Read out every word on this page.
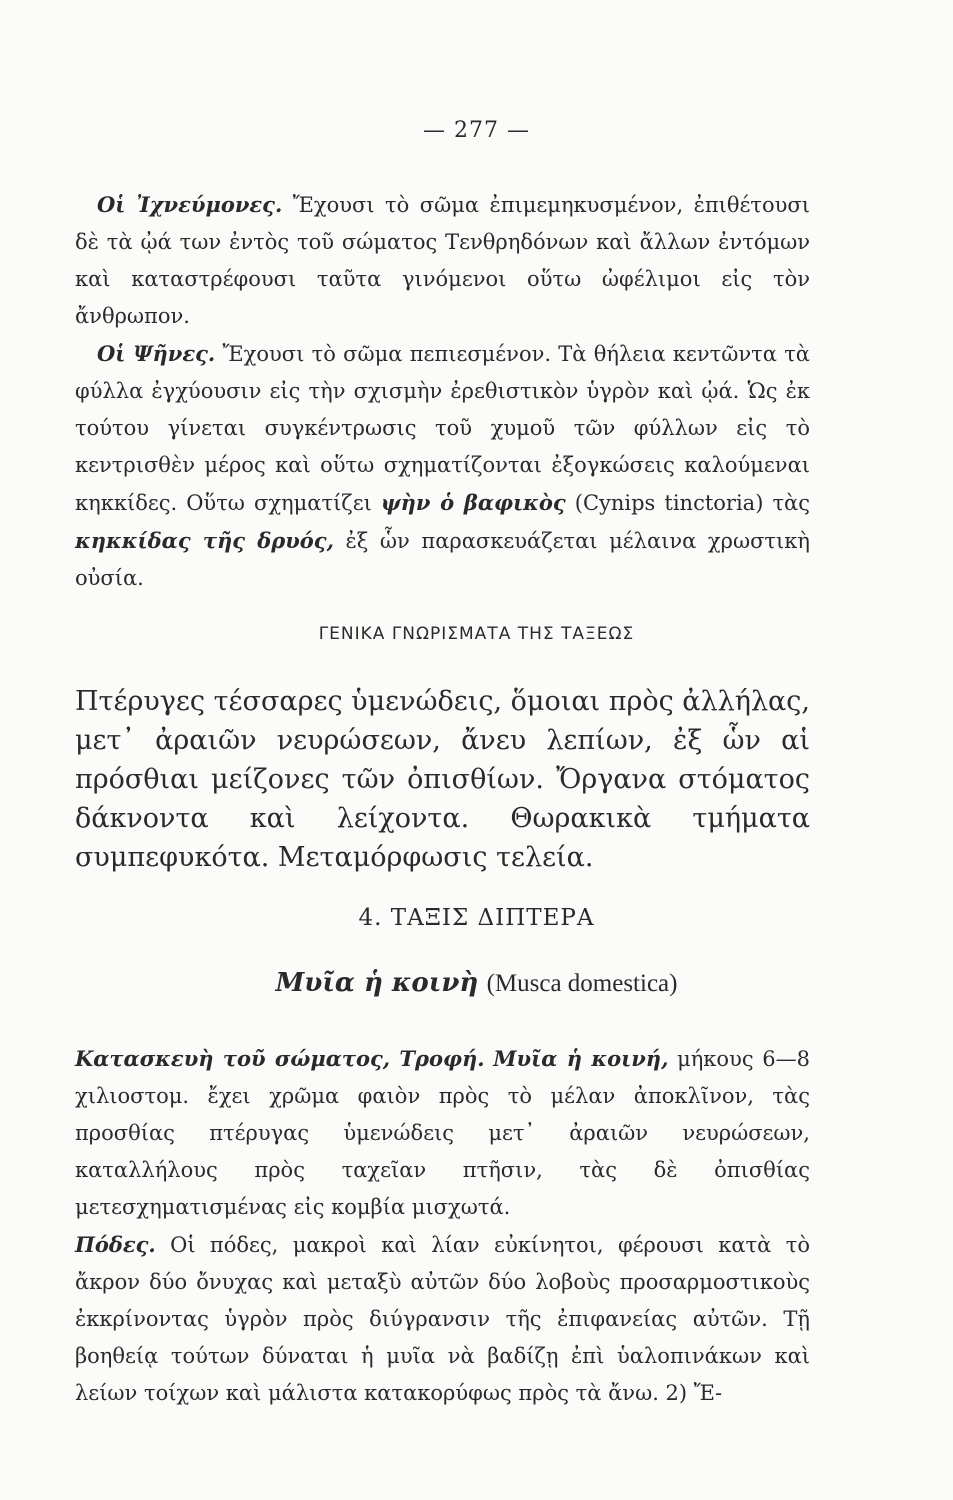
— 277 —

Οἱ Ἰχνεύμονες. Ἔχουσι τὸ σῶμα ἐπιμεμηκυσμένον, ἐπιθέτουσι δὲ τὰ ᾠά των ἐντὸς τοῦ σώματος Τενθρηδόνων καὶ ἄλλων ἐντόμων καὶ καταστρέφουσι ταῦτα γινόμενοι οὕτω ὠφέλιμοι εἰς τὸν ἄνθρωπον.

Οἱ Ψῆνες. Ἔχουσι τὸ σῶμα πεπιεσμένον. Τὰ θήλεια κεντῶντα τὰ φύλλα ἐγχύουσιν εἰς τὴν σχισμὴν ἐρεθιστικὸν ὑγρὸν καὶ ᾠά. Ὡς ἐκ τούτου γίνεται συγκέντρωσις τοῦ χυμοῦ τῶν φύλλων εἰς τὸ κεντρισθὲν μέρος καὶ οὕτω σχηματίζονται ἐξογκώσεις καλούμεναι κηκκίδες. Οὕτω σχηματίζει ψὴν ὁ βαφικὸς (Cynips tinctoria) τὰς κηκκίδας τῆς δρυός, ἐξ ὧν παρασκευάζεται μέλαινα χρωστικὴ οὐσία.

ΓΕΝΙΚΑ ΓΝΩΡΙΣΜΑΤΑ ΤΗΣ ΤΑΞΕΩΣ

Πτέρυγες τέσσαρες ὑμενώδεις, ὅμοιαι πρὸς ἀλλήλας, μετ᾽ ἀραιῶν νευρώσεων, ἄνευ λεπίων, ἐξ ὧν αἱ πρόσθιαι μείζονες τῶν ὀπισθίων. Ὄργανα στόματος δάκνοντα καὶ λείχοντα. Θωρακικὰ τμήματα συμπεφυκότα. Μεταμόρφωσις τελεία.

4. ΤΑΞΙΣ ΔΙΠΤΕΡΑ
Μυῖα ἡ κοινὴ (Musca domestica)

Κατασκευὴ τοῦ σώματος, Τροφή. Μυῖα ἡ κοινή, μήκους 6—8 χιλιοστομ. ἔχει χρῶμα φαιὸν πρὸς τὸ μέλαν ἀποκλῖνον, τὰς προσθίας πτέρυγας ὑμενώδεις μετ᾽ ἀραιῶν νευρώσεων, καταλλήλους πρὸς ταχεῖαν πτῆσιν, τὰς δὲ ὀπισθίας μετεσχηματισμένας εἰς κομβία μισχωτά.

Πόδες. Οἱ πόδες, μακροὶ καὶ λίαν εὐκίνητοι, φέρουσι κατὰ τὸ ἄκρον δύο ὄνυχας καὶ μεταξὺ αὐτῶν δύο λοβοὺς προσαρμοστικοὺς ἐκκρίνοντας ὑγρὸν πρὸς διύγρανσιν τῆς ἐπιφανείας αὐτῶν. Τῇ βοηθείᾳ τούτων δύναται ἡ μυῖα νὰ βαδίζῃ ἐπὶ ὑαλοπινάκων καὶ λείων τοίχων καὶ μάλιστα κατακορύφως πρὸς τὰ ἄνω. 2) Ἔ-
